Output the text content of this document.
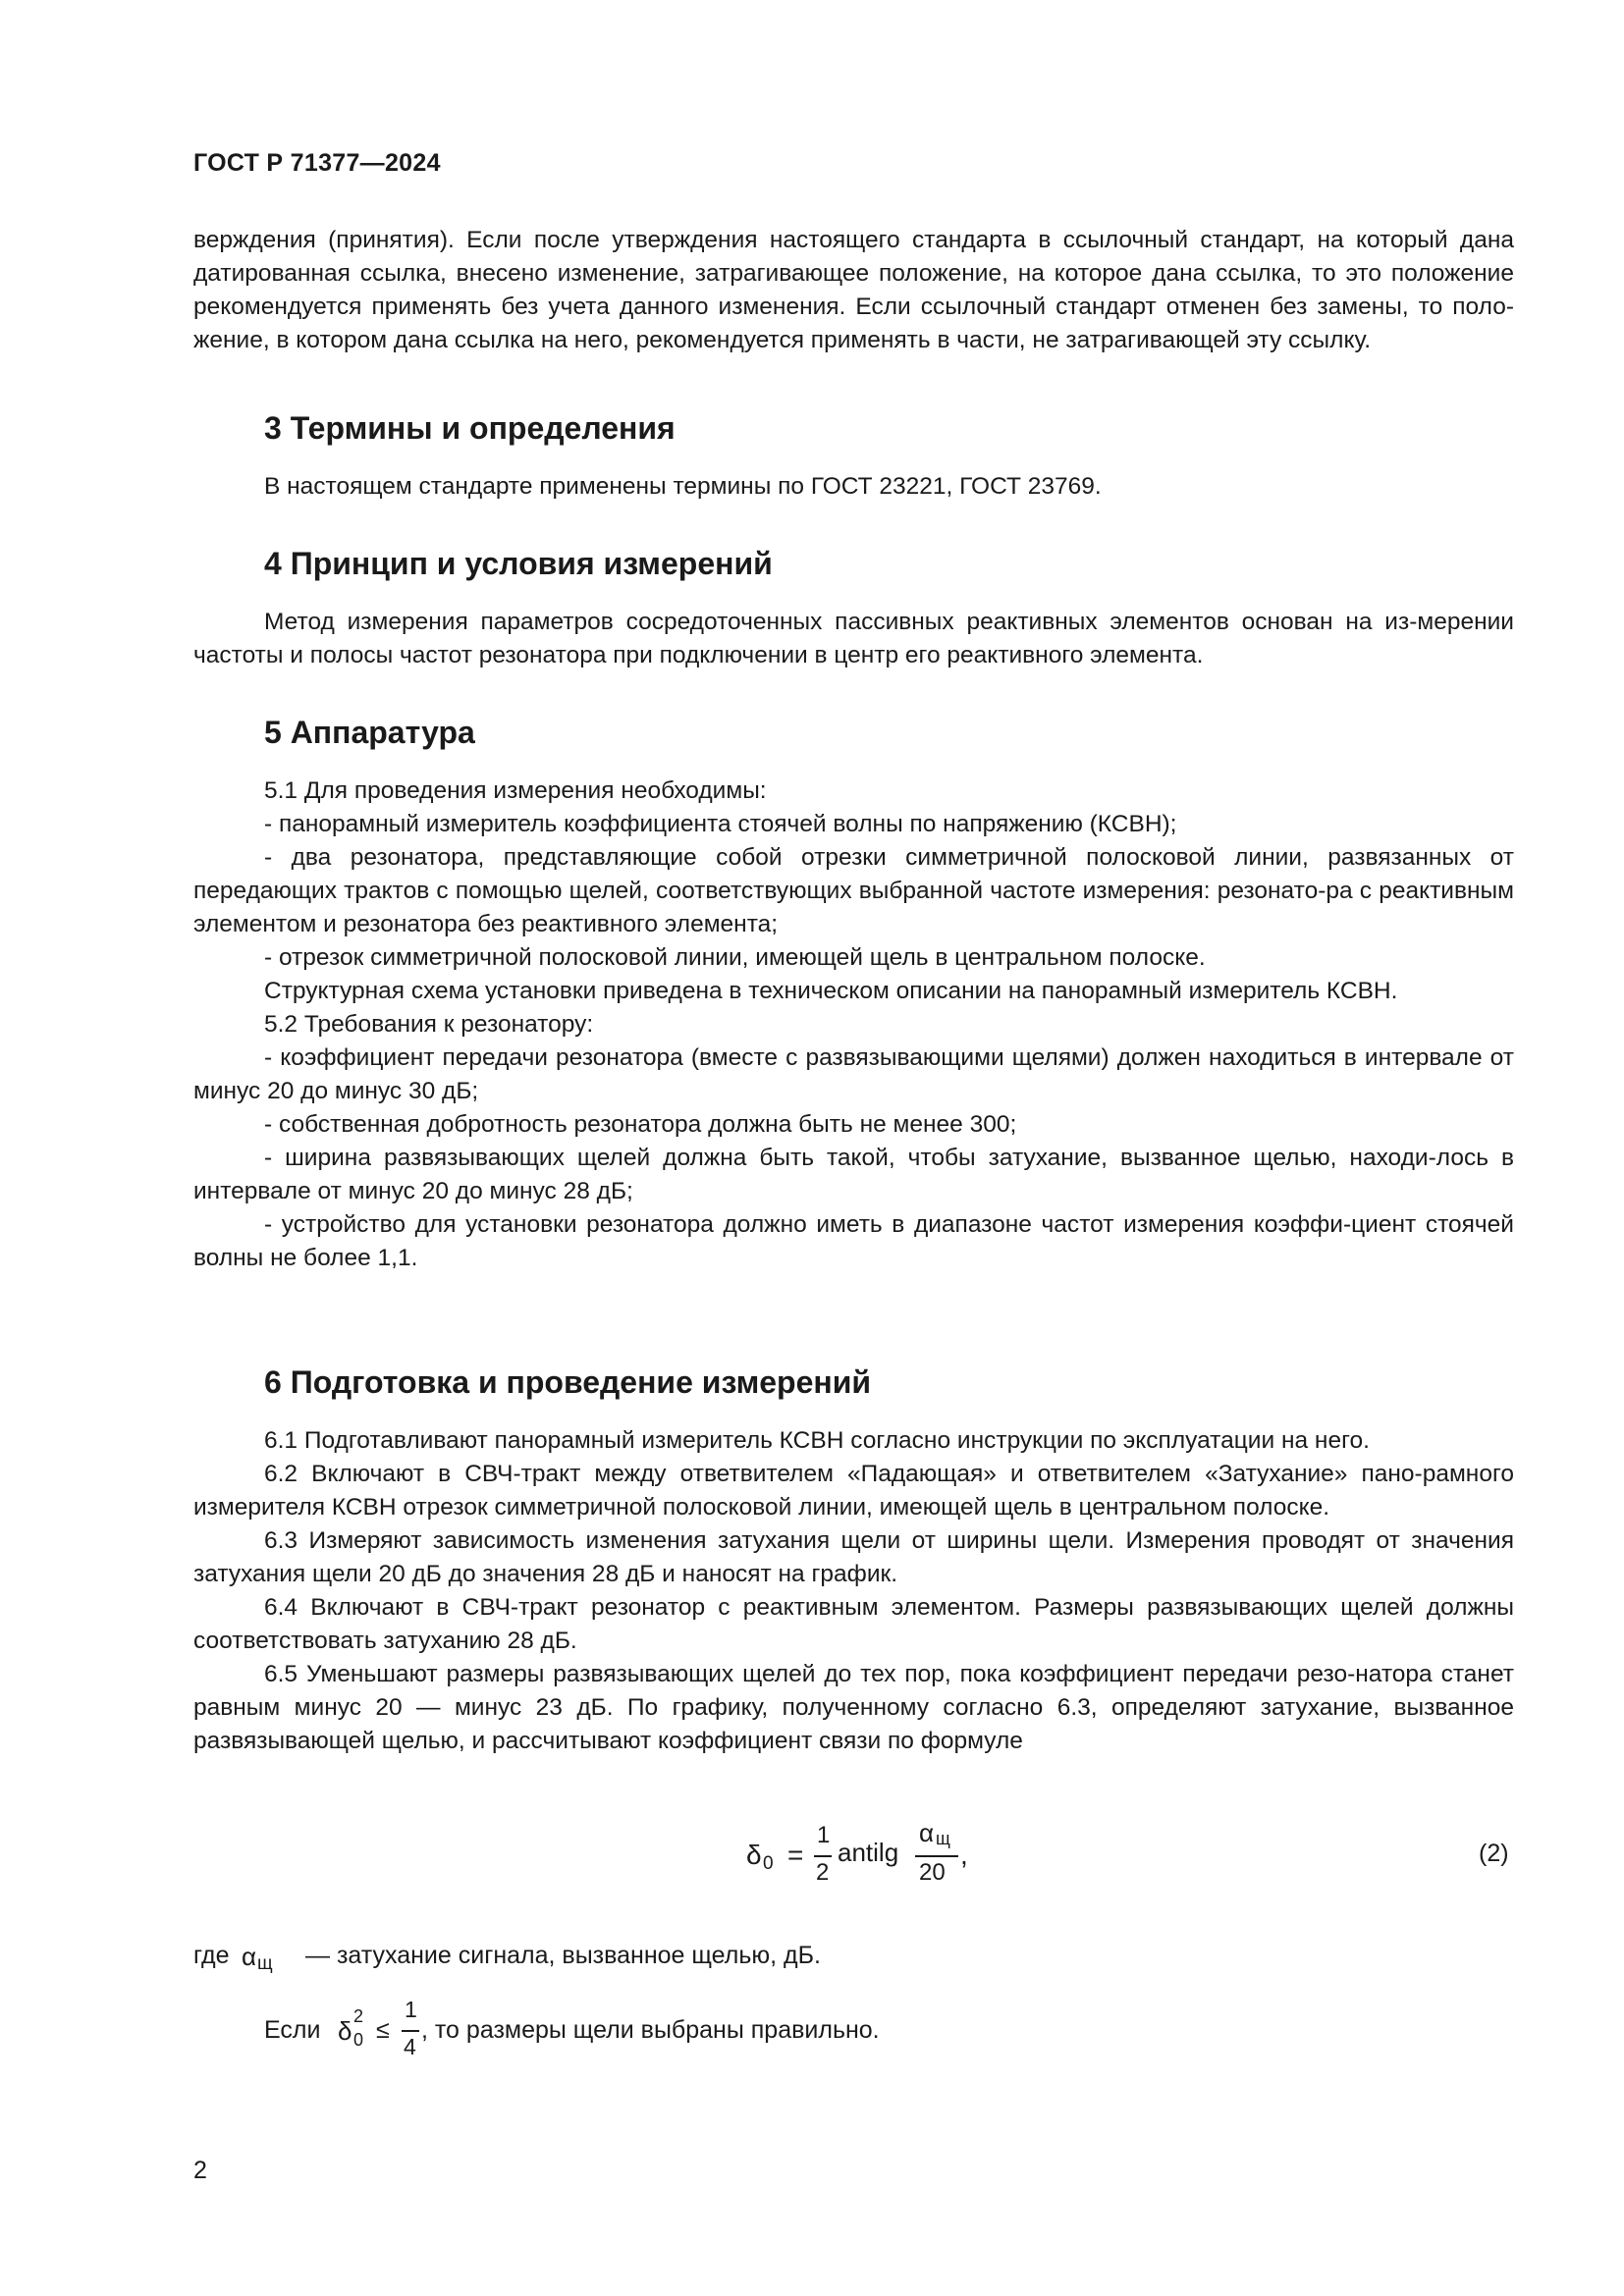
ГОСТ Р 71377—2024

верждения (принятия). Если после утверждения настоящего стандарта в ссылочный стандарт, на который дана

датированная ссылка, внесено изменение, затрагивающее положение, на которое дана ссылка, то это положение

рекомендуется применять без учета данного изменения. Если ссылочный стандарт отменен без замены, то поло-

жение, в котором дана ссылка на него, рекомендуется применять в части, не затрагивающей эту ссылку.

3 Термины и определения

В настоящем стандарте применены термины по ГОСТ 23221, ГОСТ 23769.

4 Принцип и условия измерений

Метод измерения параметров сосредоточенных пассивных реактивных элементов основан на из-мерении частоты и полосы частот резонатора при подключении в центр его реактивного элемента.

5 Аппаратура

5.1 Для проведения измерения необходимы:

- панорамный измеритель коэффициента стоячей волны по напряжению (КСВН);

- два резонатора, представляющие собой отрезки симметричной полосковой линии, развязанных от передающих трактов с помощью щелей, соответствующих выбранной частоте измерения: резонато-ра с реактивным элементом и резонатора без реактивного элемента;

- отрезок симметричной полосковой линии, имеющей щель в центральном полоске.

Структурная схема установки приведена в техническом описании на панорамный измеритель КСВН.

5.2 Требования к резонатору:

- коэффициент передачи резонатора (вместе с развязывающими щелями) должен находиться в интервале от минус 20 до минус 30 дБ;

- собственная добротность резонатора должна быть не менее 300;

- ширина развязывающих щелей должна быть такой, чтобы затухание, вызванное щелью, находи-лось в интервале от минус 20 до минус 28 дБ;

- устройство для установки резонатора должно иметь в диапазоне частот измерения коэффи-циент стоячей волны не более 1,1.

6 Подготовка и проведение измерений

6.1 Подготавливают панорамный измеритель КСВН согласно инструкции по эксплуатации на него.

6.2 Включают в СВЧ-тракт между ответвителем «Падающая» и ответвителем «Затухание» пано-рамного измерителя КСВН отрезок симметричной полосковой линии, имеющей щель в центральном полоске.

6.3 Измеряют зависимость изменения затухания щели от ширины щели. Измерения проводят от значения затухания щели 20 дБ до значения 28 дБ и наносят на график.

6.4 Включают в СВЧ-тракт резонатор с реактивным элементом. Размеры развязывающих щелей должны соответствовать затуханию 28 дБ.

6.5 Уменьшают размеры развязывающих щелей до тех пор, пока коэффициент передачи резо-натора станет равным минус 20 — минус 23 дБ. По графику, полученному согласно 6.3, определяют затухание, вызванное развязывающей щелью, и рассчитывают коэффициент связи по формуле

δ 0 =
1
2
antilg
α щ
20
,	(2)
где α щ — затухание сигнала, вызванное щелью, дБ.
Если δ 2
0 ≤
1
4
, то размеры щели выбраны правильно.
2
